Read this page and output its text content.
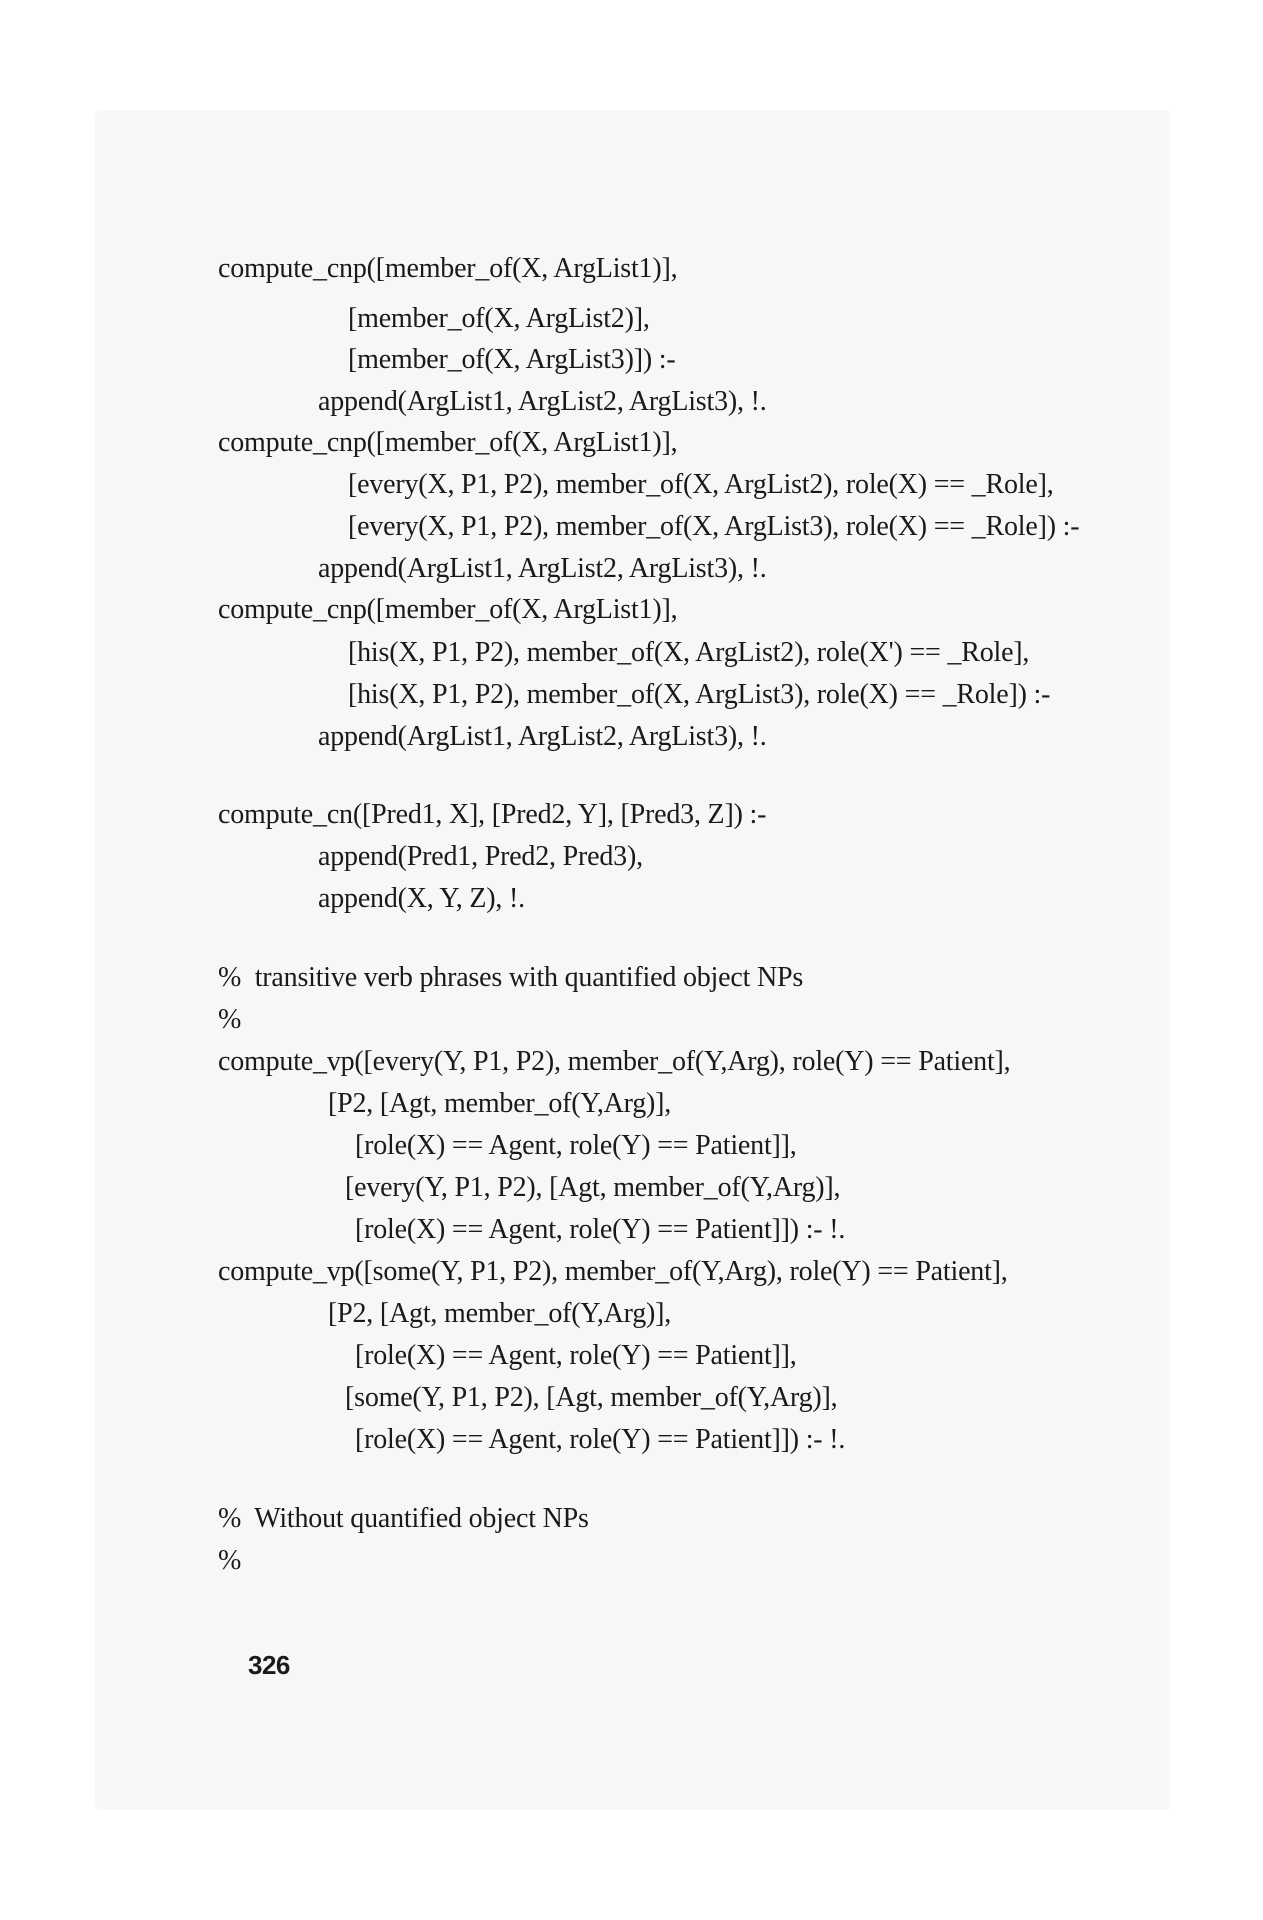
compute_cnp([member_of(X, ArgList1)],
[member_of(X, ArgList2)],
[member_of(X, ArgList3)]) :-
append(ArgList1, ArgList2, ArgList3), !.
compute_cnp([member_of(X, ArgList1)],
[every(X, P1, P2), member_of(X, ArgList2), role(X) == _Role],
[every(X, P1, P2), member_of(X, ArgList3), role(X) == _Role]) :-
append(ArgList1, ArgList2, ArgList3), !.
compute_cnp([member_of(X, ArgList1)],
[his(X, P1, P2), member_of(X, ArgList2), role(X') == _Role],
[his(X, P1, P2), member_of(X, ArgList3), role(X) == _Role]) :-
append(ArgList1, ArgList2, ArgList3), !.
compute_cn([Pred1, X], [Pred2, Y], [Pred3, Z]) :-
append(Pred1, Pred2, Pred3),
append(X, Y, Z), !.
%  transitive verb phrases with quantified object NPs
%
compute_vp([every(Y, P1, P2), member_of(Y,Arg), role(Y) == Patient],
[P2, [Agt, member_of(Y,Arg)],
[role(X) == Agent, role(Y) == Patient]],
[every(Y, P1, P2), [Agt, member_of(Y,Arg)],
[role(X) == Agent, role(Y) == Patient]]) :- !.
compute_vp([some(Y, P1, P2), member_of(Y,Arg), role(Y) == Patient],
[P2, [Agt, member_of(Y,Arg)],
[role(X) == Agent, role(Y) == Patient]],
[some(Y, P1, P2), [Agt, member_of(Y,Arg)],
[role(X) == Agent, role(Y) == Patient]]) :- !.
%  Without quantified object NPs
%
326
